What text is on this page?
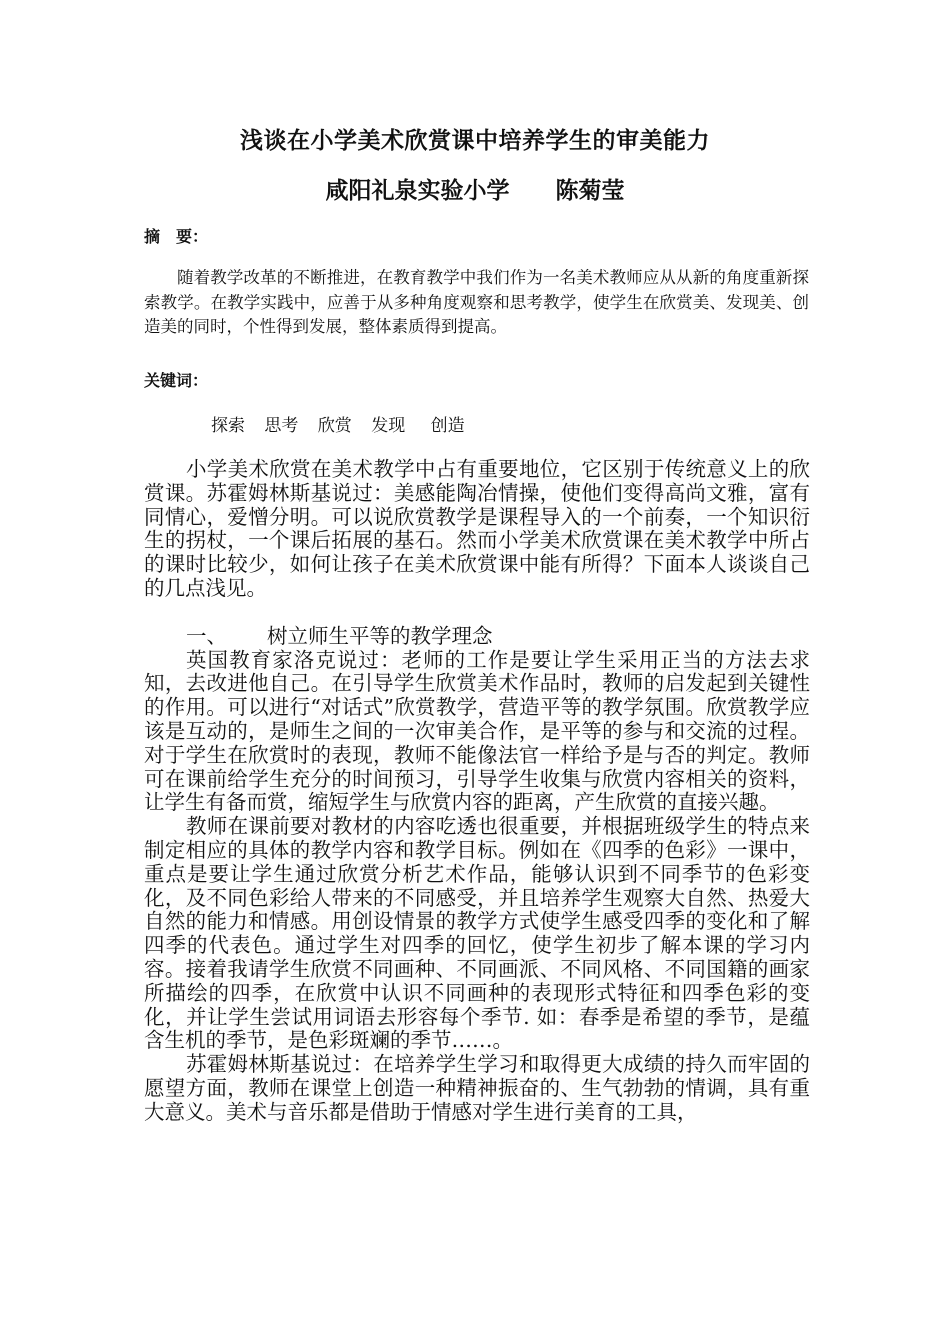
浅谈在小学美术欣赏课中培养学生的审美能力
咸阳礼泉实验小学 陈菊莹
摘　要：

随着教学改革的不断推进，在教育教学中我们作为一名美术教师应从从新的角度重新探索教学。在教学实践中，应善于从多种角度观察和思考教学，使学生在欣赏美、发现美、创造美的同时，个性得到发展，整体素质得到提高。

关键词：
探索 思考 欣赏 发现 创造

小学美术欣赏在美术教学中占有重要地位，它区别于传统意义上的欣赏课。苏霍姆林斯基说过：美感能陶冶情操，使他们变得高尚文雅，富有同情心，爱憎分明。可以说欣赏教学是课程导入的一个前奏，一个知识衍生的拐杖，一个课后拓展的基石。然而小学美术欣赏课在美术教学中所占的课时比较少，如何让孩子在美术欣赏课中能有所得？下面本人谈谈自己的几点浅见。

一、 树立师生平等的教学理念

英国教育家洛克说过：老师的工作是要让学生采用正当的方法去求知，去改进他自己。在引导学生欣赏美术作品时，教师的启发起到关键性的作用。可以进行“对话式”欣赏教学，营造平等的教学氛围。欣赏教学应该是互动的，是师生之间的一次审美合作，是平等的参与和交流的过程。对于学生在欣赏时的表现，教师不能像法官一样给予是与否的判定。教师可在课前给学生充分的时间预习，引导学生收集与欣赏内容相关的资料，让学生有备而赏，缩短学生与欣赏内容的距离，产生欣赏的直接兴趣。

教师在课前要对教材的内容吃透也很重要，并根据班级学生的特点来制定相应的具体的教学内容和教学目标。例如在《四季的色彩》一课中，重点是要让学生通过欣赏分析艺术作品，能够认识到不同季节的色彩变化，及不同色彩给人带来的不同感受，并且培养学生观察大自然、热爱大自然的能力和情感。用创设情景的教学方式使学生感受四季的变化和了解四季的代表色。通过学生对四季的回忆，使学生初步了解本课的学习内容。接着我请学生欣赏不同画种、不同画派、不同风格、不同国籍的画家所描绘的四季，在欣赏中认识不同画种的表现形式特征和四季色彩的变化，并让学生尝试用词语去形容每个季节. 如：春季是希望的季节，是蕴含生机的季节，是色彩斑斓的季节……。

苏霍姆林斯基说过：在培养学生学习和取得更大成绩的持久而牢固的愿望方面，教师在课堂上创造一种精神振奋的、生气勃勃的情调，具有重大意义。美术与音乐都是借助于情感对学生进行美育的工具，
